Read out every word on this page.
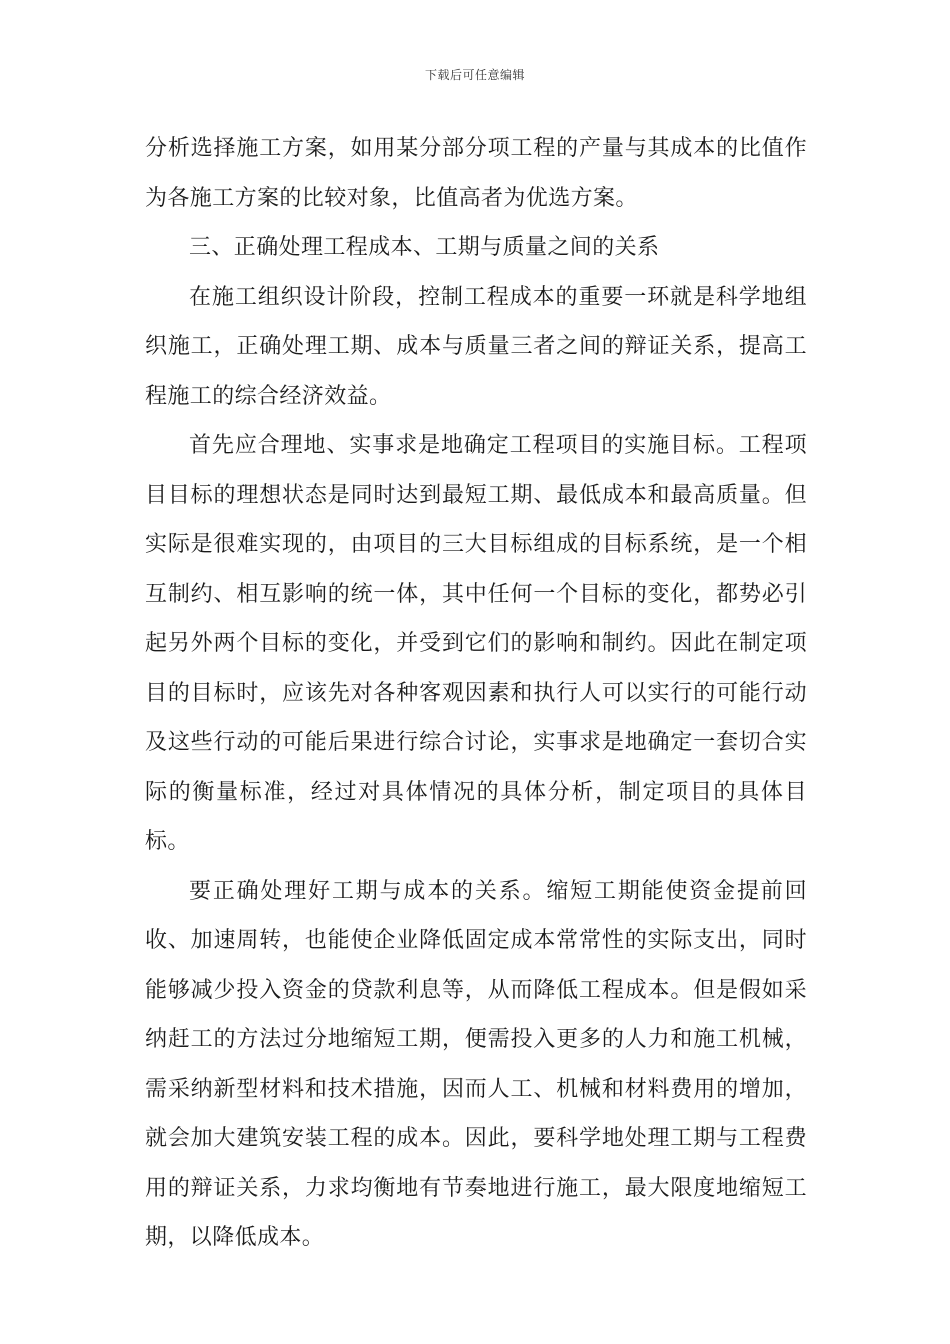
下载后可任意编辑

分析选择施工方案，如用某分部分项工程的产量与其成本的比值作为各施工方案的比较对象，比值高者为优选方案。

三、正确处理工程成本、工期与质量之间的关系

在施工组织设计阶段，控制工程成本的重要一环就是科学地组织施工，正确处理工期、成本与质量三者之间的辩证关系，提高工程施工的综合经济效益。

首先应合理地、实事求是地确定工程项目的实施目标。工程项目目标的理想状态是同时达到最短工期、最低成本和最高质量。但实际是很难实现的，由项目的三大目标组成的目标系统，是一个相互制约、相互影响的统一体，其中任何一个目标的变化，都势必引起另外两个目标的变化，并受到它们的影响和制约。因此在制定项目的目标时，应该先对各种客观因素和执行人可以实行的可能行动及这些行动的可能后果进行综合讨论，实事求是地确定一套切合实际的衡量标准，经过对具体情况的具体分析，制定项目的具体目标。

要正确处理好工期与成本的关系。缩短工期能使资金提前回收、加速周转，也能使企业降低固定成本常常性的实际支出，同时能够减少投入资金的贷款利息等，从而降低工程成本。但是假如采纳赶工的方法过分地缩短工期，便需投入更多的人力和施工机械，需采纳新型材料和技术措施，因而人工、机械和材料费用的增加，就会加大建筑安装工程的成本。因此，要科学地处理工期与工程费用的辩证关系，力求均衡地有节奏地进行施工，最大限度地缩短工期，以降低成本。
